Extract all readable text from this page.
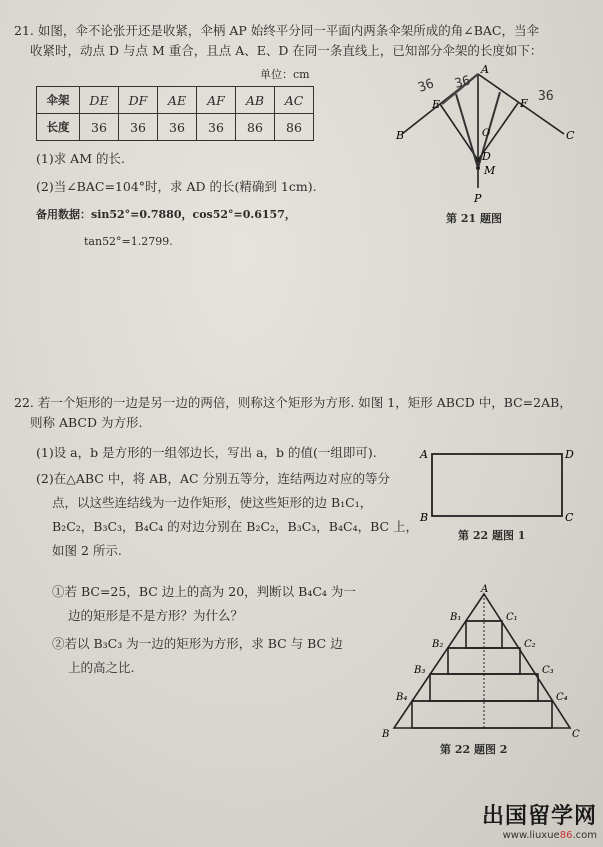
21. 如图，伞不论张开还是收紧，伞柄 AP 始终平分同一平面内两条伞架所成的角∠BAC，当伞
收紧时，动点 D 与点 M 重合，且点 A、E、D 在同一条直线上，已知部分伞架的长度如下：
单位：cm
伞架	DE	DF	AE	AF	AB	AC
长度	36	36	36	36	86	86
(1)求 AM 的长.
(2)当∠BAC=104°时，求 AD 的长(精确到 1cm).
备用数据：sin52°=0.7880，cos52°=0.6157，
tan52°=1.2799.
A
B	C
E	F
O
D
M
P
36 36
36
第 21 题图
22. 若一个矩形的一边是另一边的两倍，则称这个矩形为方形. 如图 1，矩形 ABCD 中，BC=2AB，
则称 ABCD 为方形.
(1)设 a，b 是方形的一组邻边长，写出 a，b 的值(一组即可).
(2)在△ABC 中，将 AB，AC 分别五等分，连结两边对应的等分
点，以这些连结线为一边作矩形，使这些矩形的边 B₁C₁，
B₂C₂，B₃C₃，B₄C₄ 的对边分别在 B₂C₂，B₃C₃，B₄C₄，BC 上，
如图 2 所示.
①若 BC=25，BC 边上的高为 20，判断以 B₄C₄ 为一
边的矩形是不是方形？为什么？
②若以 B₃C₃ 为一边的矩形为方形，求 BC 与 BC 边
上的高之比.
A
B	C
D
第 22 题图 1
A
B₁	C₁
B₂	C₂
B₃	C₃
B₄	C₄
B	C
第 22 题图 2
出国留学网
www.liuxue86.com
